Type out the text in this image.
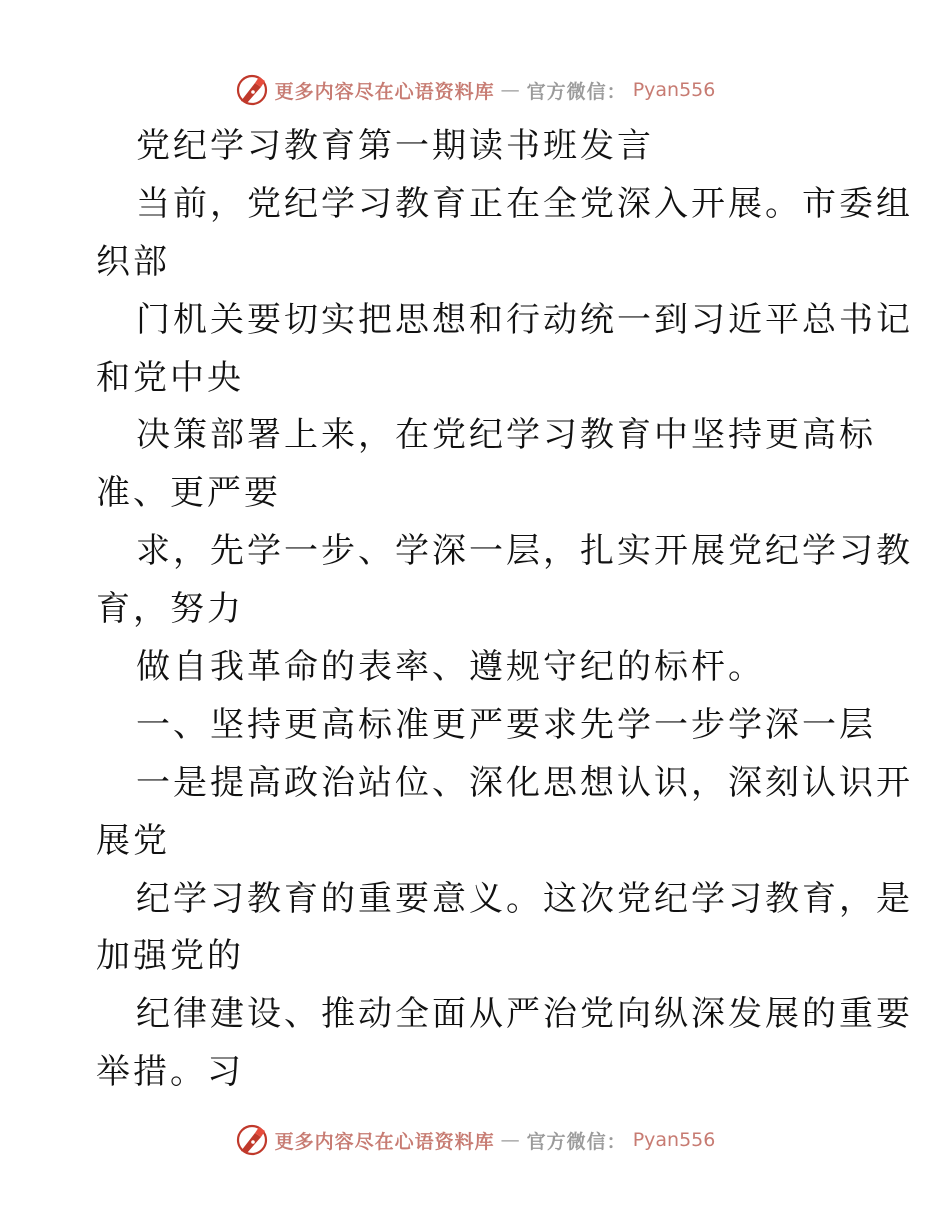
更多内容尽在心语资料库 — 官方微信： Pyan556
党纪学习教育第一期读书班发言
当前，党纪学习教育正在全党深入开展。市委组
织部
门机关要切实把思想和行动统一到习近平总书记
和党中央
决策部署上来，在党纪学习教育中坚持更高标
准、更严要
求，先学一步、学深一层，扎实开展党纪学习教
育，努力
做自我革命的表率、遵规守纪的标杆。
一、坚持更高标准更严要求先学一步学深一层
一是提高政治站位、深化思想认识，深刻认识开
展党
纪学习教育的重要意义。这次党纪学习教育，是
加强党的
纪律建设、推动全面从严治党向纵深发展的重要
举措。习
更多内容尽在心语资料库 — 官方微信： Pyan556
